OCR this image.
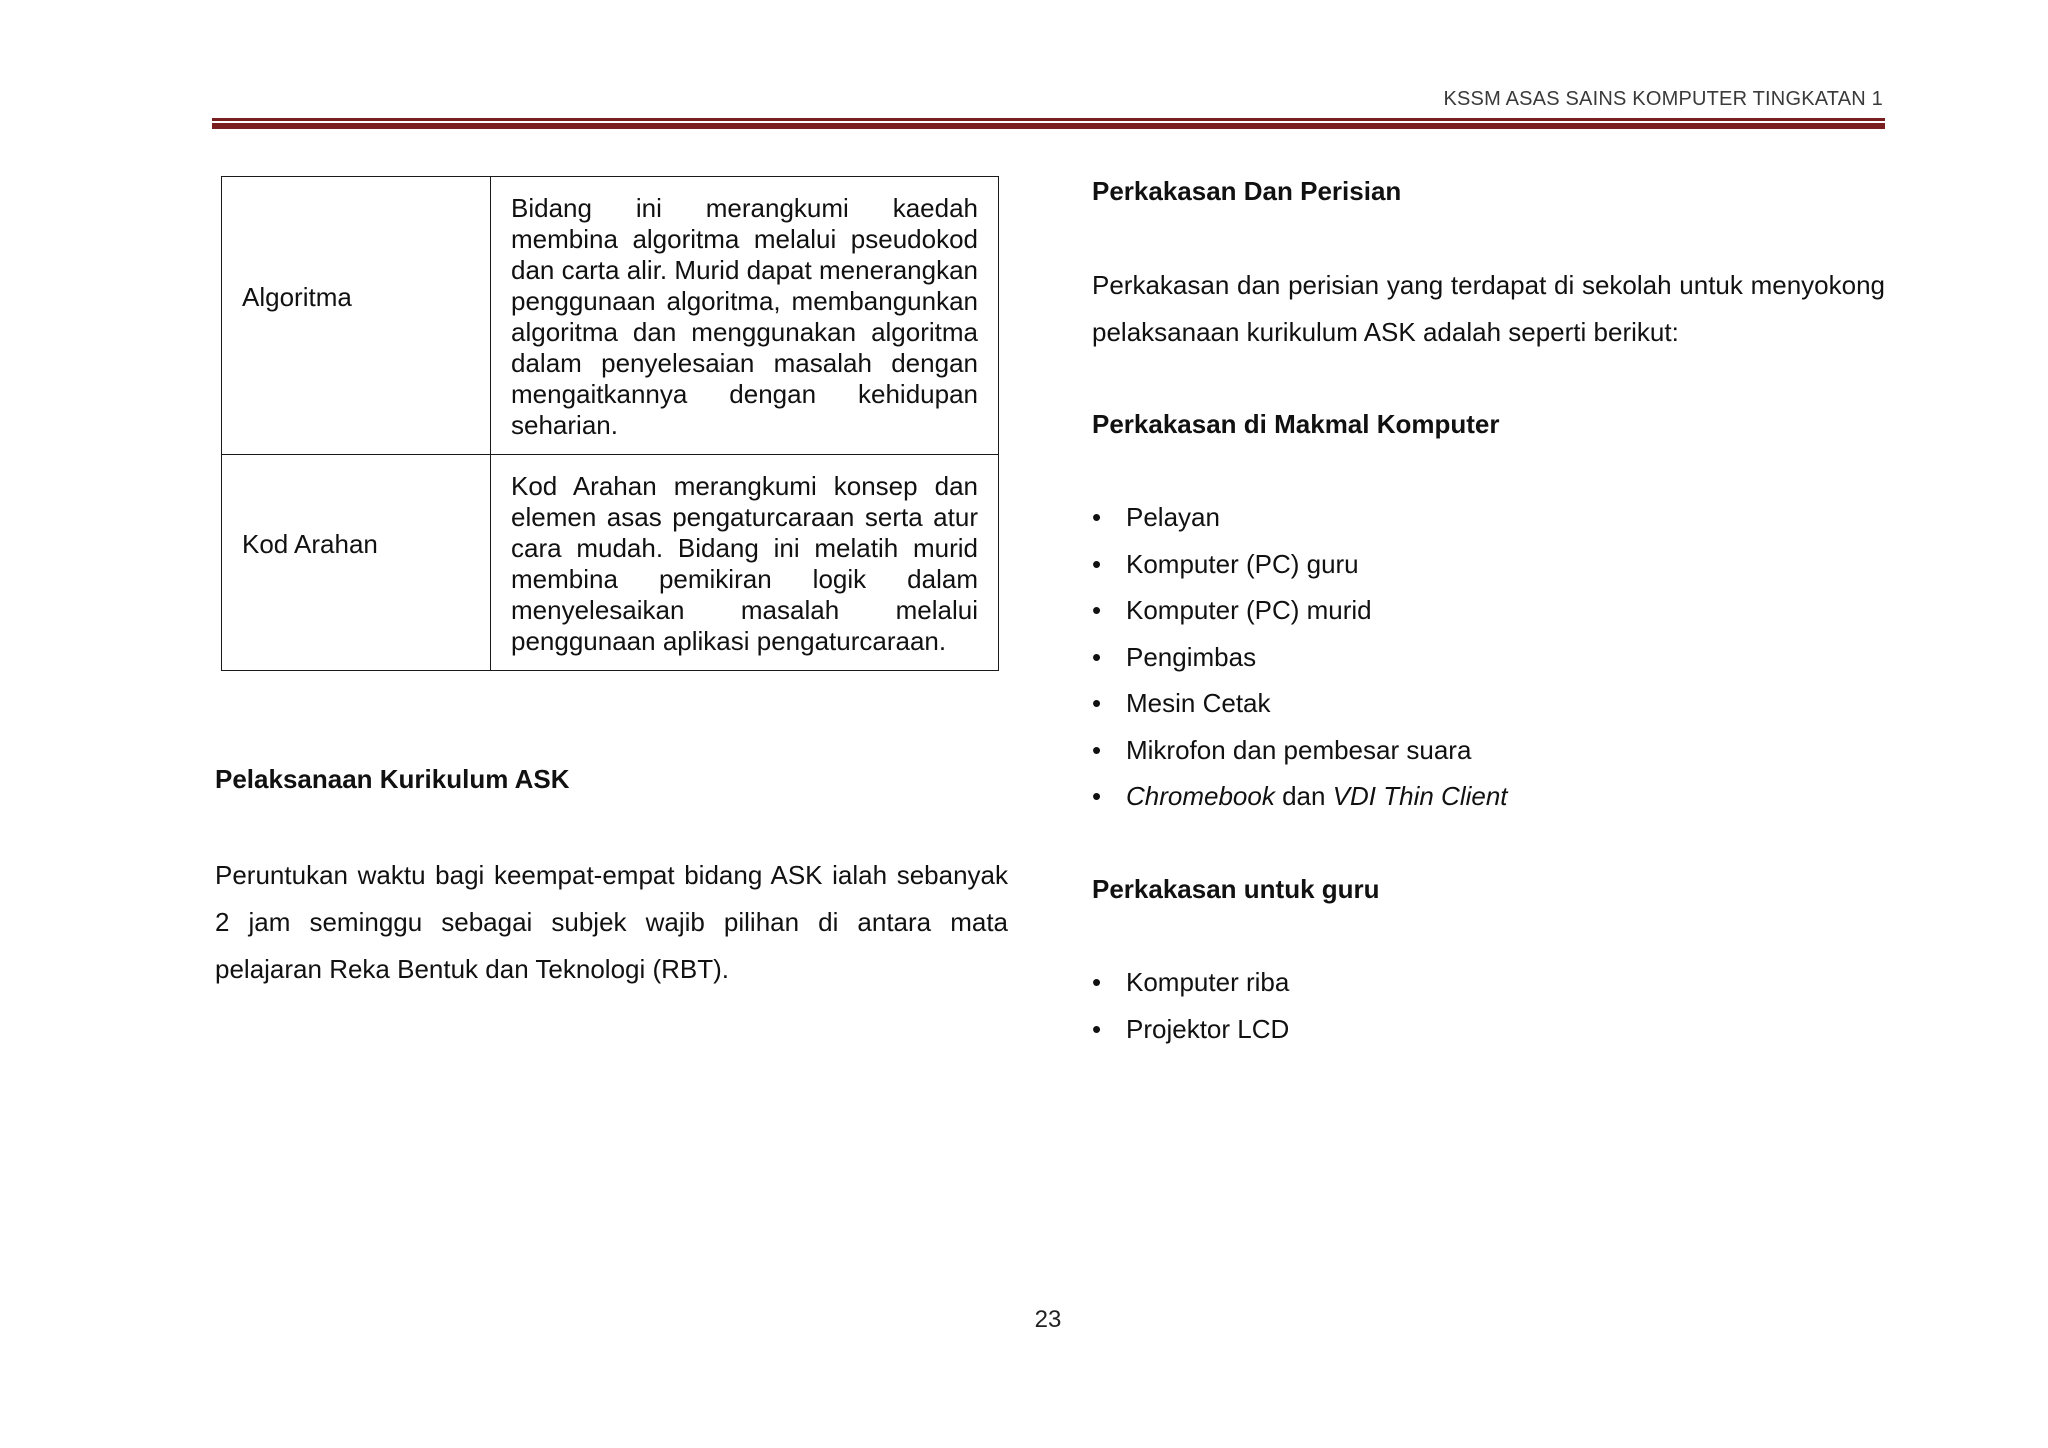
KSSM ASAS SAINS KOMPUTER TINGKATAN 1
Algoritma	Bidang ini merangkumi kaedah membina algoritma melalui pseudokod dan carta alir. Murid dapat menerangkan penggunaan algoritma, membangunkan algoritma dan menggunakan algoritma dalam penyelesaian masalah dengan mengaitkannya dengan kehidupan seharian.

Kod Arahan	Kod Arahan merangkumi konsep dan elemen asas pengaturcaraan serta atur cara mudah. Bidang ini melatih murid membina pemikiran logik dalam menyelesaikan masalah melalui penggunaan aplikasi pengaturcaraan.
Pelaksanaan Kurikulum ASK
Peruntukan waktu bagi keempat-empat bidang ASK ialah sebanyak 2 jam seminggu sebagai subjek wajib pilihan di antara mata pelajaran Reka Bentuk dan Teknologi (RBT).
Perkakasan Dan Perisian
Perkakasan dan perisian yang terdapat di sekolah untuk menyokong pelaksanaan kurikulum ASK adalah seperti berikut:
Perkakasan di Makmal Komputer
• Pelayan
• Komputer (PC) guru
• Komputer (PC) murid
• Pengimbas
• Mesin Cetak
• Mikrofon dan pembesar suara
• Chromebook dan VDI Thin Client
Perkakasan untuk guru
• Komputer riba
• Projektor LCD
23
